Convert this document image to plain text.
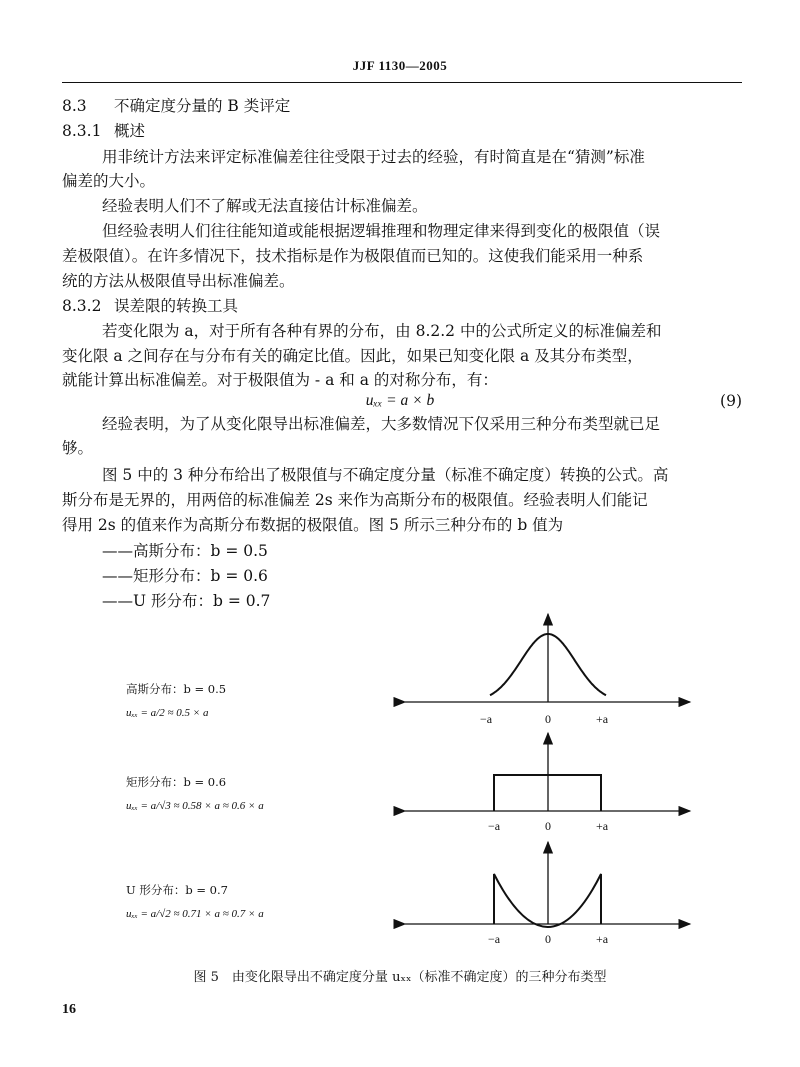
JJF 1130—2005
8.3 不确定度分量的 B 类评定
8.3.1 概述
用非统计方法来评定标准偏差往往受限于过去的经验，有时简直是在“猜测”标准
偏差的大小。
经验表明人们不了解或无法直接估计标准偏差。
但经验表明人们往往能知道或能根据逻辑推理和物理定律来得到变化的极限值（误
差极限值）。在许多情况下，技术指标是作为极限值而已知的。这使我们能采用一种系
统的方法从极限值导出标准偏差。
8.3.2 误差限的转换工具
若变化限为 a，对于所有各种有界的分布，由 8.2.2 中的公式所定义的标准偏差和
变化限 a 之间存在与分布有关的确定比值。因此，如果已知变化限 a 及其分布类型，
就能计算出标准偏差。对于极限值为 - a 和 a 的对称分布，有：
uₓₓ = a × b	(9)
经验表明，为了从变化限导出标准偏差，大多数情况下仅采用三种分布类型就已足
够。
图 5 中的 3 种分布给出了极限值与不确定度分量（标准不确定度）转换的公式。高
斯分布是无界的，用两倍的标准偏差 2s 来作为高斯分布的极限值。经验表明人们能记
得用 2s 的值来作为高斯分布数据的极限值。图 5 所示三种分布的 b 值为
——高斯分布：b = 0.5
——矩形分布：b = 0.6
——U 形分布：b = 0.7
高斯分布：b = 0.5
uₓₓ = a/2 ≈ 0.5 × a
矩形分布：b = 0.6
uₓₓ = a/√3 ≈ 0.58 × a ≈ 0.6 × a
U 形分布：b = 0.7
uₓₓ = a/√2 ≈ 0.71 × a ≈ 0.7 × a
−a	0	+a
−a	0	+a
−a	0	+a
图 5　由变化限导出不确定度分量 uₓₓ（标准不确定度）的三种分布类型
16
